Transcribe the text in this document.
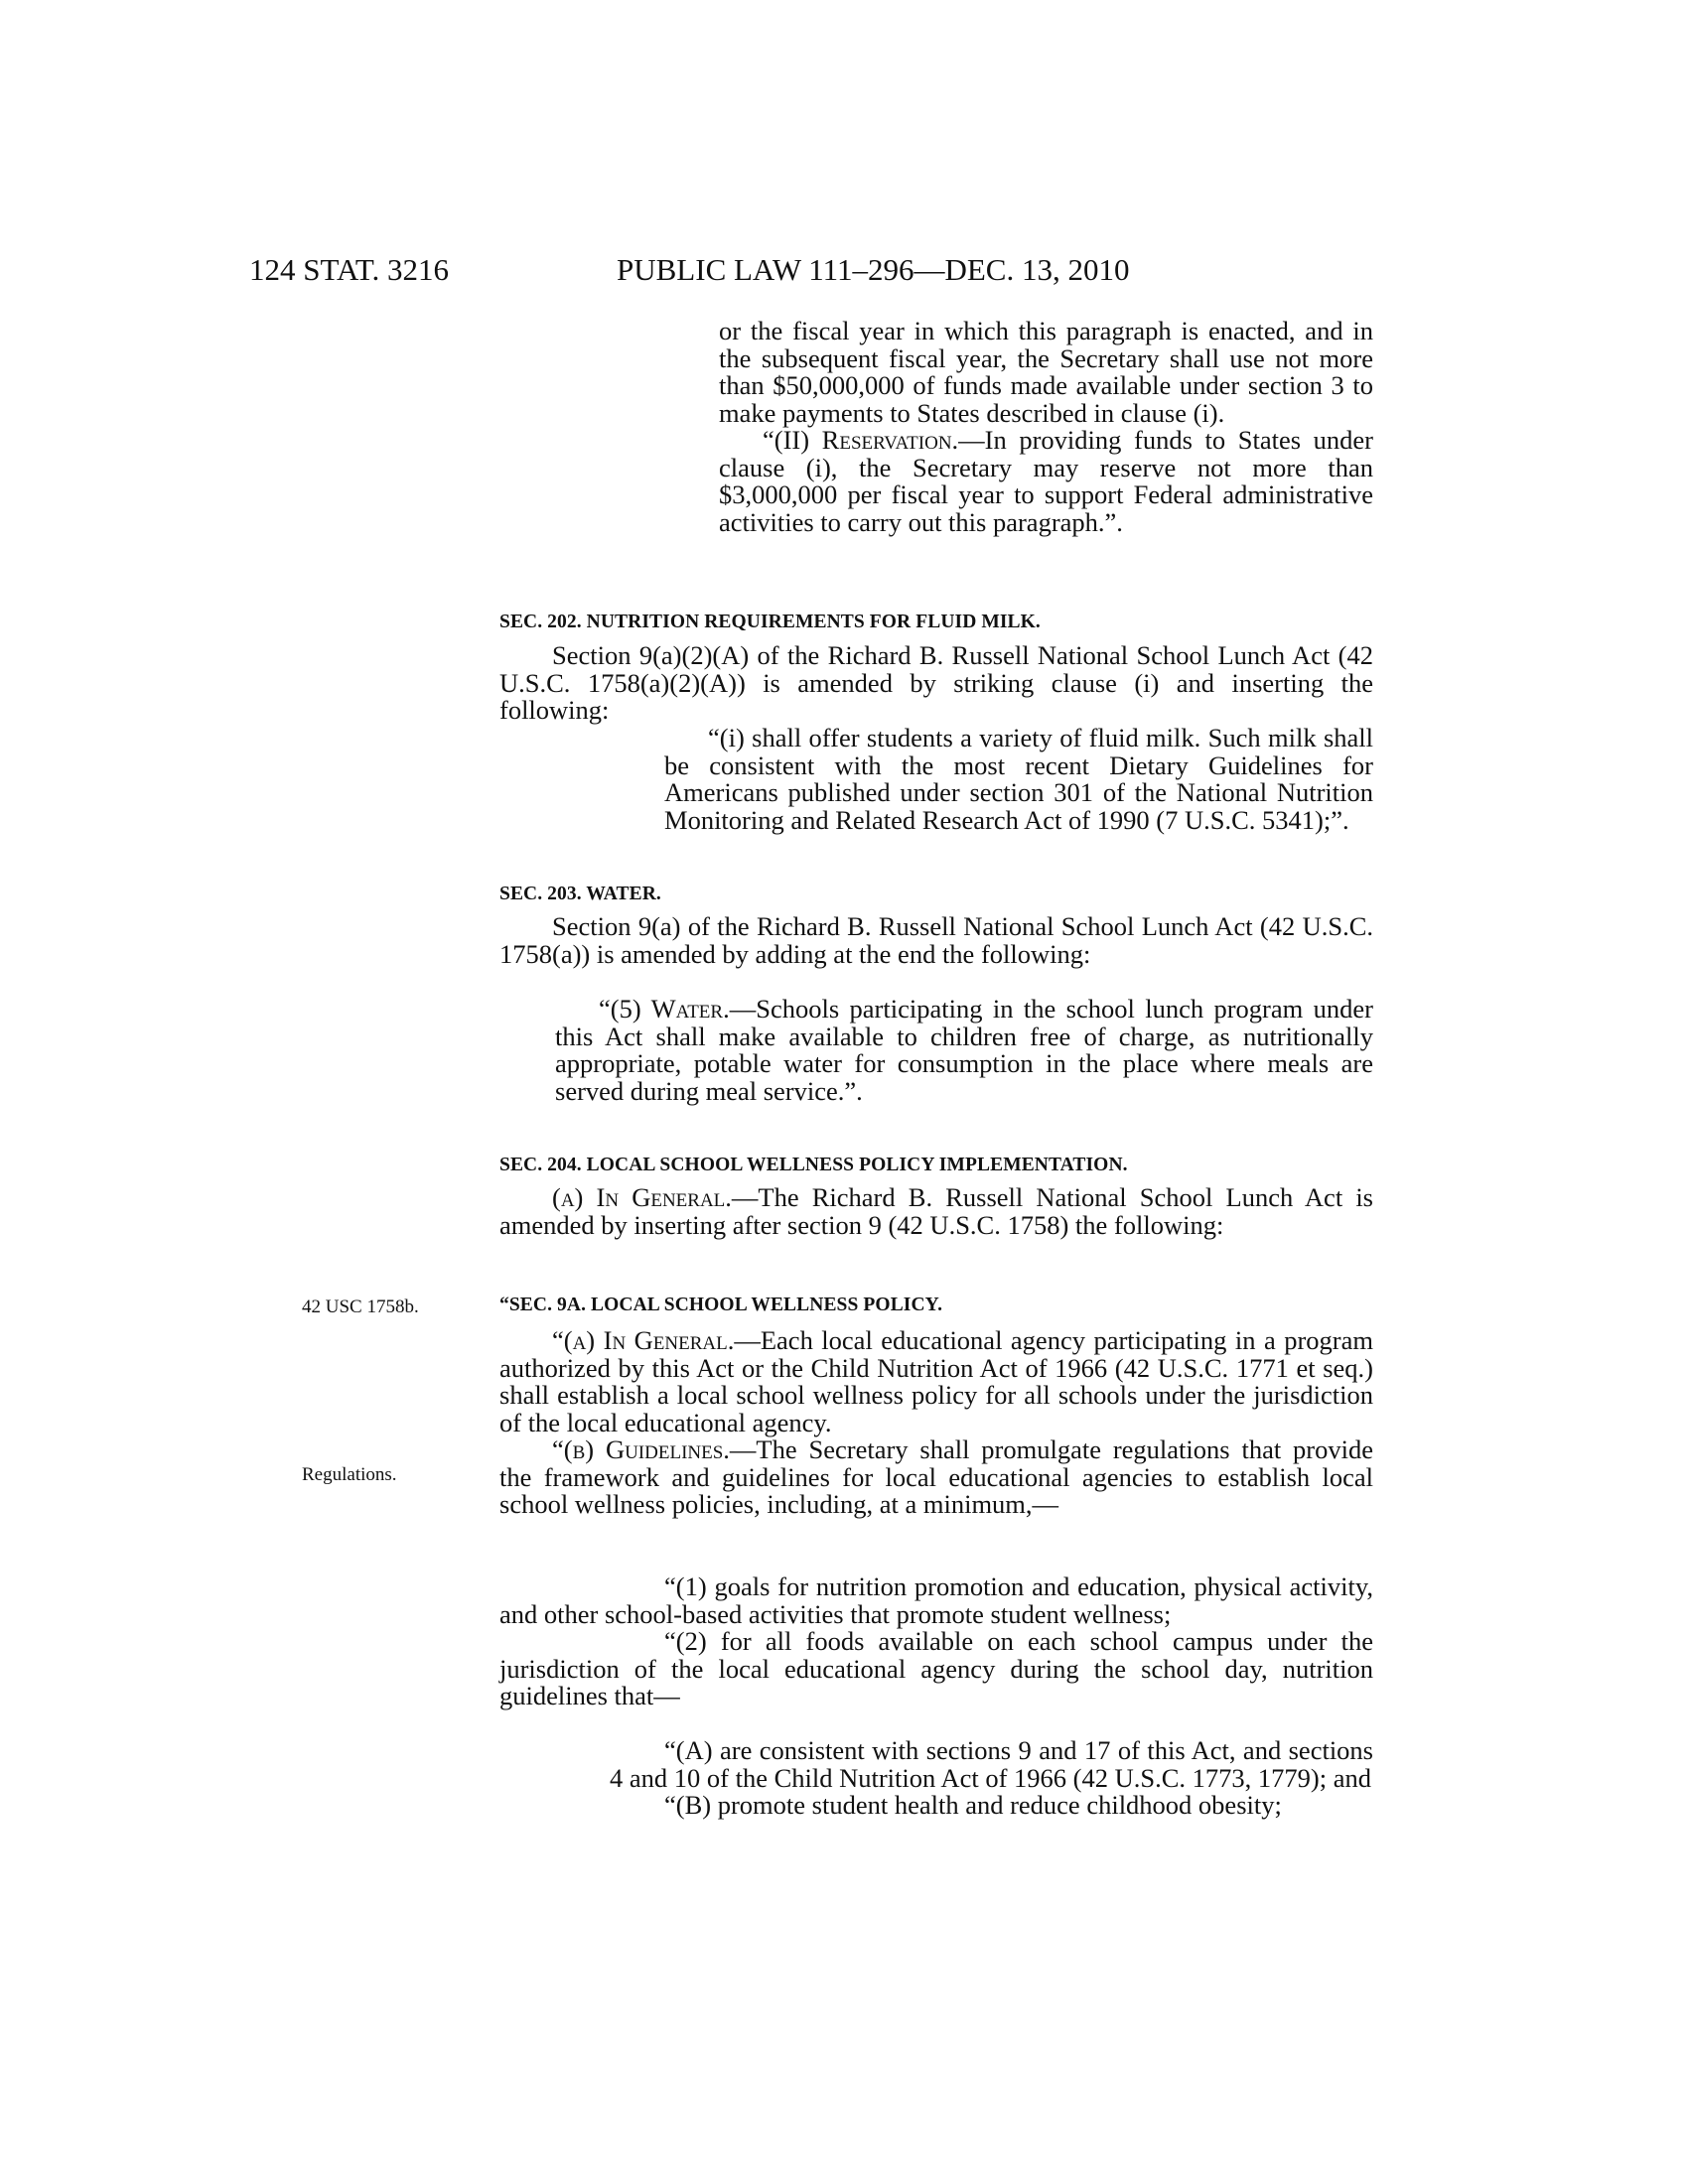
124 STAT. 3216	PUBLIC LAW 111–296—DEC. 13, 2010

or the fiscal year in which this paragraph is enacted, and in the subsequent fiscal year, the Secretary shall use not more than $50,000,000 of funds made available under section 3 to make payments to States described in clause (i).

“(II) Reservation.—In providing funds to States under clause (i), the Secretary may reserve not more than $3,000,000 per fiscal year to support Federal administrative activities to carry out this paragraph.”.

SEC. 202. NUTRITION REQUIREMENTS FOR FLUID MILK.

Section 9(a)(2)(A) of the Richard B. Russell National School Lunch Act (42 U.S.C. 1758(a)(2)(A)) is amended by striking clause (i) and inserting the following:

“(i) shall offer students a variety of fluid milk. Such milk shall be consistent with the most recent Dietary Guidelines for Americans published under section 301 of the National Nutrition Monitoring and Related Research Act of 1990 (7 U.S.C. 5341);”.

SEC. 203. WATER.

Section 9(a) of the Richard B. Russell National School Lunch Act (42 U.S.C. 1758(a)) is amended by adding at the end the following:

“(5) Water.—Schools participating in the school lunch program under this Act shall make available to children free of charge, as nutritionally appropriate, potable water for consumption in the place where meals are served during meal service.”.

SEC. 204. LOCAL SCHOOL WELLNESS POLICY IMPLEMENTATION.

(a) In General.—The Richard B. Russell National School Lunch Act is amended by inserting after section 9 (42 U.S.C. 1758) the following:

42 USC 1758b.	“SEC. 9A. LOCAL SCHOOL WELLNESS POLICY.

“(a) In General.—Each local educational agency participating in a program authorized by this Act or the Child Nutrition Act of 1966 (42 U.S.C. 1771 et seq.) shall establish a local school wellness policy for all schools under the jurisdiction of the local educational agency.

“(b) Guidelines.—The Secretary shall promulgate regulations that provide the framework and guidelines for local educational agencies to establish local school wellness policies, including, at a minimum,—

Regulations.

“(1) goals for nutrition promotion and education, physical activity, and other school-based activities that promote student wellness;

“(2) for all foods available on each school campus under the jurisdiction of the local educational agency during the school day, nutrition guidelines that—

“(A) are consistent with sections 9 and 17 of this Act, and sections 4 and 10 of the Child Nutrition Act of 1966 (42 U.S.C. 1773, 1779); and

“(B) promote student health and reduce childhood obesity;
